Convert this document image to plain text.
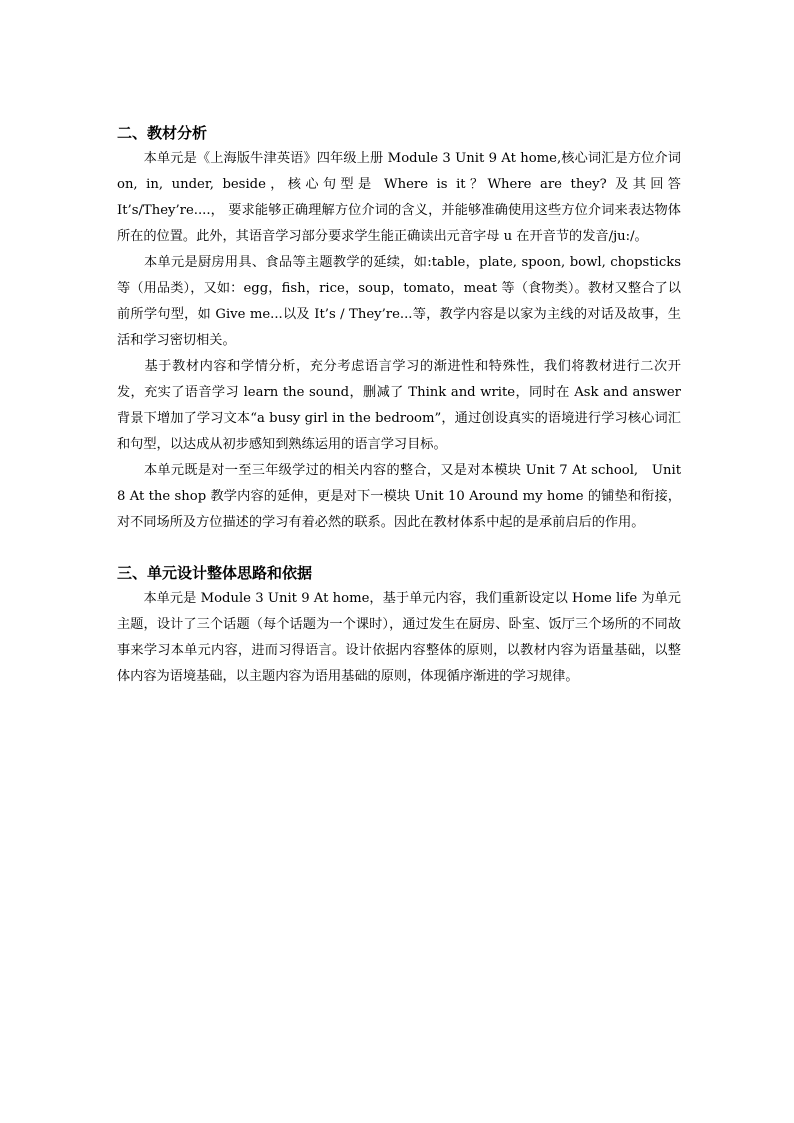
二、教材分析

　　本单元是《上海版牛津英语》四年级上册 Module 3 Unit 9 At home,核心词汇是方位介词 on, in, under, beside，核心句型是 Where is it？Where are they? 及其回答 It’s/They’re....， 要求能够正确理解方位介词的含义，并能够准确使用这些方位介词来表达物体所在的位置。此外，其语音学习部分要求学生能正确读出元音字母 u 在开音节的发音/ju:/。

　　本单元是厨房用具、食品等主题教学的延续，如:table，plate, spoon, bowl, chopsticks 等（用品类），又如：egg，fish，rice，soup，tomato，meat 等（食物类）。教材又整合了以前所学句型，如 Give me...以及 It’s / They’re...等，教学内容是以家为主线的对话及故事，生活和学习密切相关。

　　基于教材内容和学情分析，充分考虑语言学习的渐进性和特殊性，我们将教材进行二次开发，充实了语音学习 learn the sound，删减了 Think and write，同时在 Ask and answer 背景下增加了学习文本“a busy girl in the bedroom”，通过创设真实的语境进行学习核心词汇和句型，以达成从初步感知到熟练运用的语言学习目标。

　　本单元既是对一至三年级学过的相关内容的整合，又是对本模块 Unit 7 At school,　Unit 8 At the shop 教学内容的延伸，更是对下一模块 Unit 10 Around my home 的铺垫和衔接，对不同场所及方位描述的学习有着必然的联系。因此在教材体系中起的是承前启后的作用。

三、单元设计整体思路和依据

　　本单元是 Module 3 Unit 9 At home，基于单元内容，我们重新设定以 Home life 为单元主题，设计了三个话题（每个话题为一个课时），通过发生在厨房、卧室、饭厅三个场所的不同故事来学习本单元内容，进而习得语言。设计依据内容整体的原则，以教材内容为语量基础，以整体内容为语境基础，以主题内容为语用基础的原则，体现循序渐进的学习规律。
